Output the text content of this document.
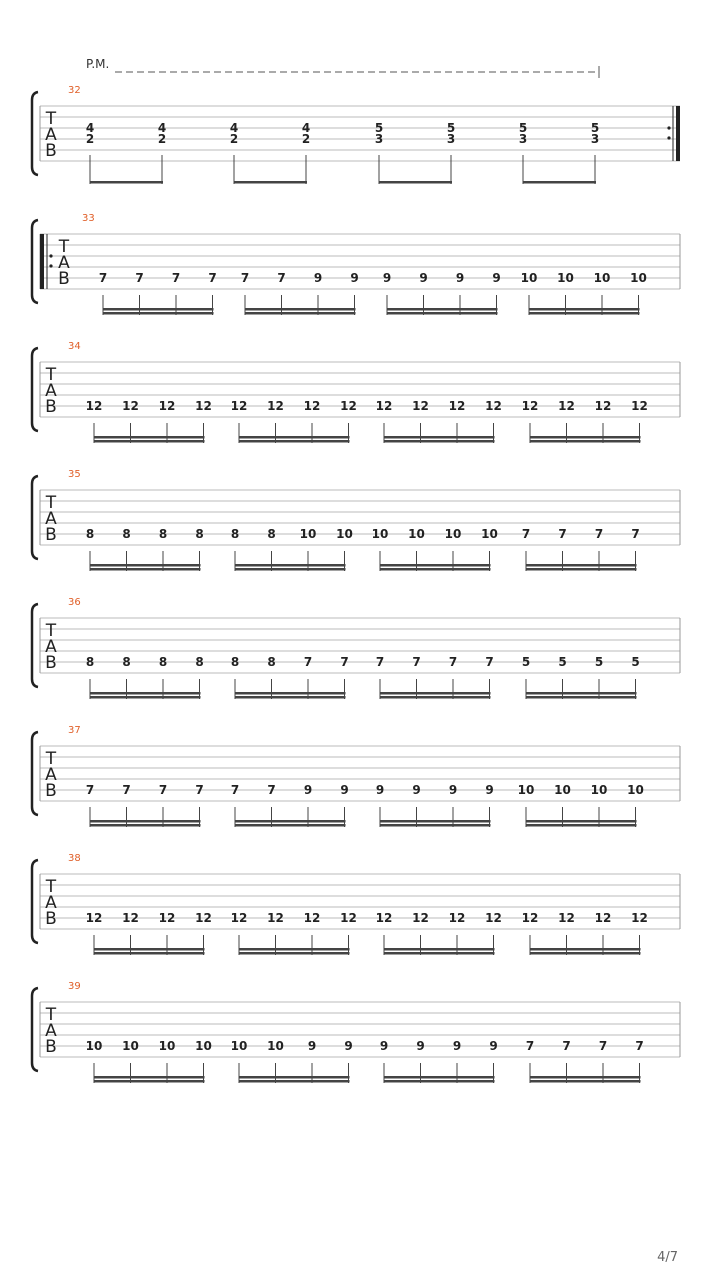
P.M.
32
T
A
B
4
2
4
2
4
2
4
2
5
3
5
3
5
3
5
3
33
T
A
B 7 7 7 7 7 7 9 9 9 9 9 9 10 10 10 10
34
T
A
B 12 12 12 12 12 12 12 12 12 12 12 12 12 12 12 12
35
T
A
B 8 8 8 8 8 8 10 10 10 10 10 10 7 7 7 7
36
T
A
B 8 8 8 8 8 8 7 7 7 7 7 7 5 5 5 5
37
T
A
B 7 7 7 7 7 7 9 9 9 9 9 9 10 10 10 10
38
T
A
B 12 12 12 12 12 12 12 12 12 12 12 12 12 12 12 12
39
T
A
B 10 10 10 10 10 10 9 9 9 9 9 9 7 7 7 7
4/7
